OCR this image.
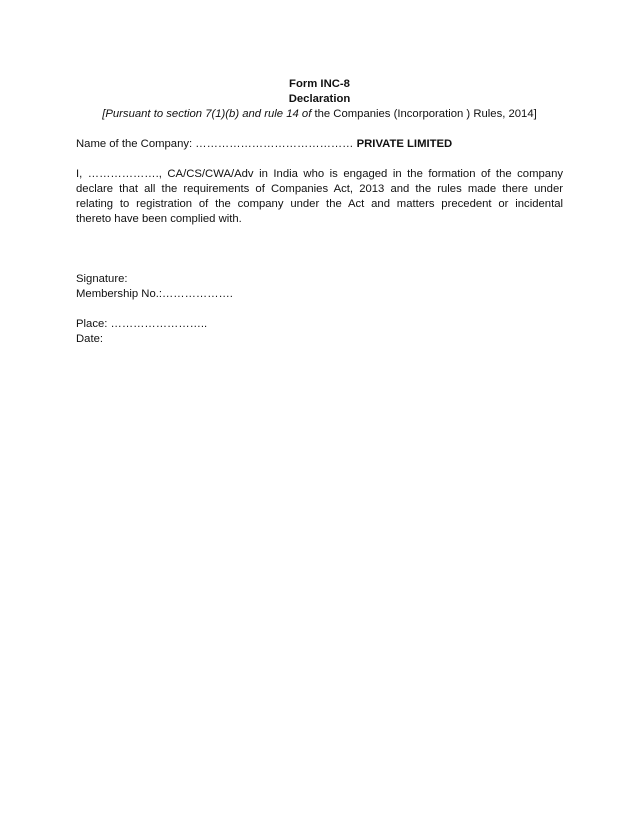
Form INC-8
Declaration
[Pursuant to section 7(1)(b) and rule 14 of the Companies (Incorporation ) Rules, 2014]
Name of the Company: …………………………………… PRIVATE LIMITED
I, ………………., CA/CS/CWA/Adv in India who is engaged in the formation of the company
declare that all the requirements of Companies Act, 2013 and the rules made there under
relating to registration of the company under the Act and matters precedent or incidental
thereto have been complied with.
Signature:
Membership No.:……………….
Place: ……………………..
Date:
